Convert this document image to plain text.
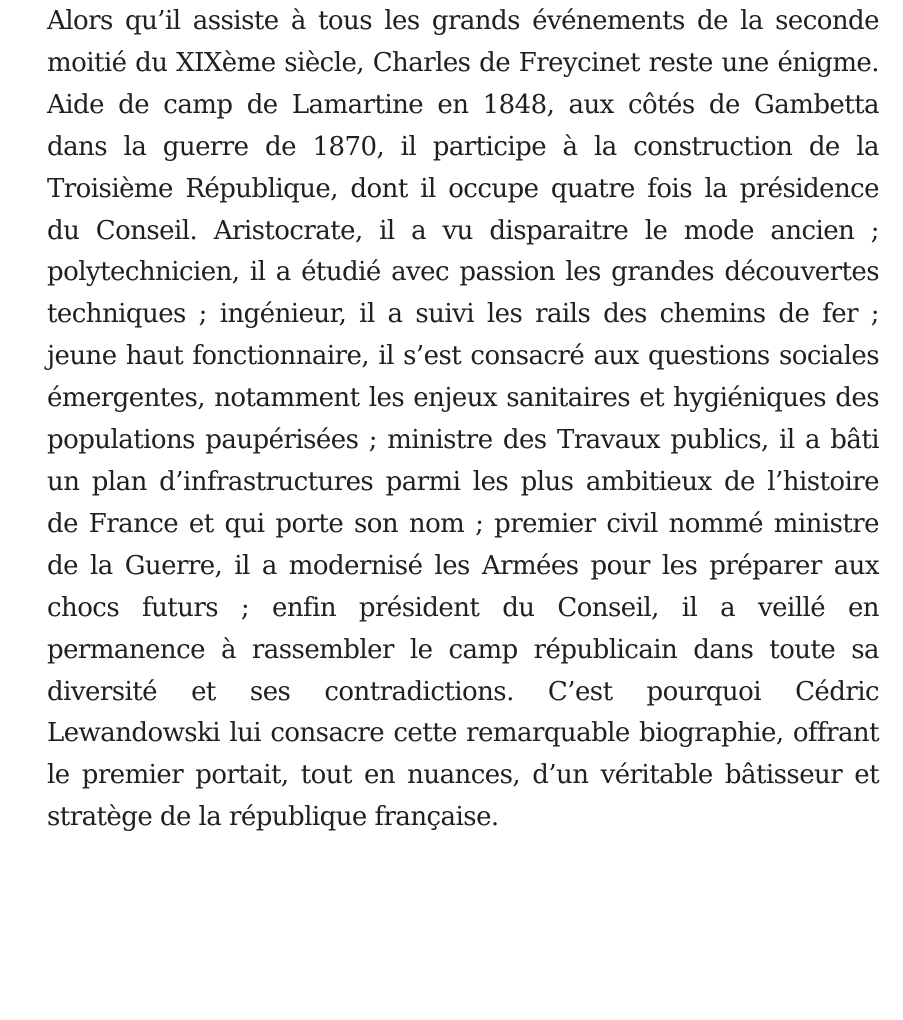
Alors qu’il assiste à tous les grands événements de la seconde moitié du XIXème siècle, Charles de Freycinet reste une énigme. Aide de camp de Lamartine en 1848, aux côtés de Gambetta dans la guerre de 1870, il participe à la construction de la Troisième République, dont il occupe quatre fois la présidence du Conseil. Aristocrate, il a vu disparaitre le mode ancien ; polytechnicien, il a étudié avec passion les grandes découvertes techniques ; ingénieur, il a suivi les rails des chemins de fer ; jeune haut fonctionnaire, il s’est consacré aux questions sociales émergentes, notamment les enjeux sanitaires et hygiéniques des populations paupérisées ; ministre des Travaux publics, il a bâti un plan d’infrastructures parmi les plus ambitieux de l’histoire de France et qui porte son nom ; premier civil nommé ministre de la Guerre, il a modernisé les Armées pour les préparer aux chocs futurs ; enfin président du Conseil, il a veillé en permanence à rassembler le camp républicain dans toute sa diversité et ses contradictions. C’est pourquoi Cédric Lewandowski lui consacre cette remarquable biographie, offrant le premier portait, tout en nuances, d’un véritable bâtisseur et stratège de la république française.
